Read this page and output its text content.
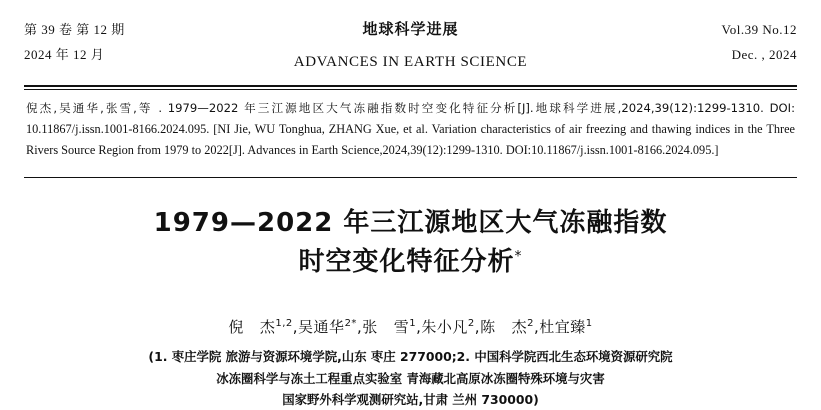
第 39 卷 第 12 期
2024 年 12 月
地球科学进展
ADVANCES IN EARTH SCIENCE
Vol.39 No.12
Dec. , 2024
倪杰,吴通华,张雪,等 . 1979—2022 年三江源地区大气冻融指数时空变化特征分析[J].地球科学进展,2024,39(12):1299-1310. DOI: 10.11867/j.issn.1001-8166.2024.095. [NI Jie, WU Tonghua, ZHANG Xue, et al. Variation characteristics of air freezing and thawing indices in the Three Rivers Source Region from 1979 to 2022[J]. Advances in Earth Science,2024,39(12):1299-1310. DOI:10.11867/j.issn.1001-8166.2024.095.]
1979—2022 年三江源地区大气冻融指数
时空变化特征分析*
倪 杰$^{1,2}$,吴通华$^{2*}$,张 雪$^1$,朱小凡$^2$,陈 杰$^2$,杜宜臻$^1$
(1. 枣庄学院 旅游与资源环境学院,山东 枣庄 277000;2. 中国科学院西北生态环境资源研究院
冰冻圈科学与冻土工程重点实验室 青海藏北高原冰冻圈特殊环境与灾害
国家野外科学观测研究站,甘肃 兰州 730000)
